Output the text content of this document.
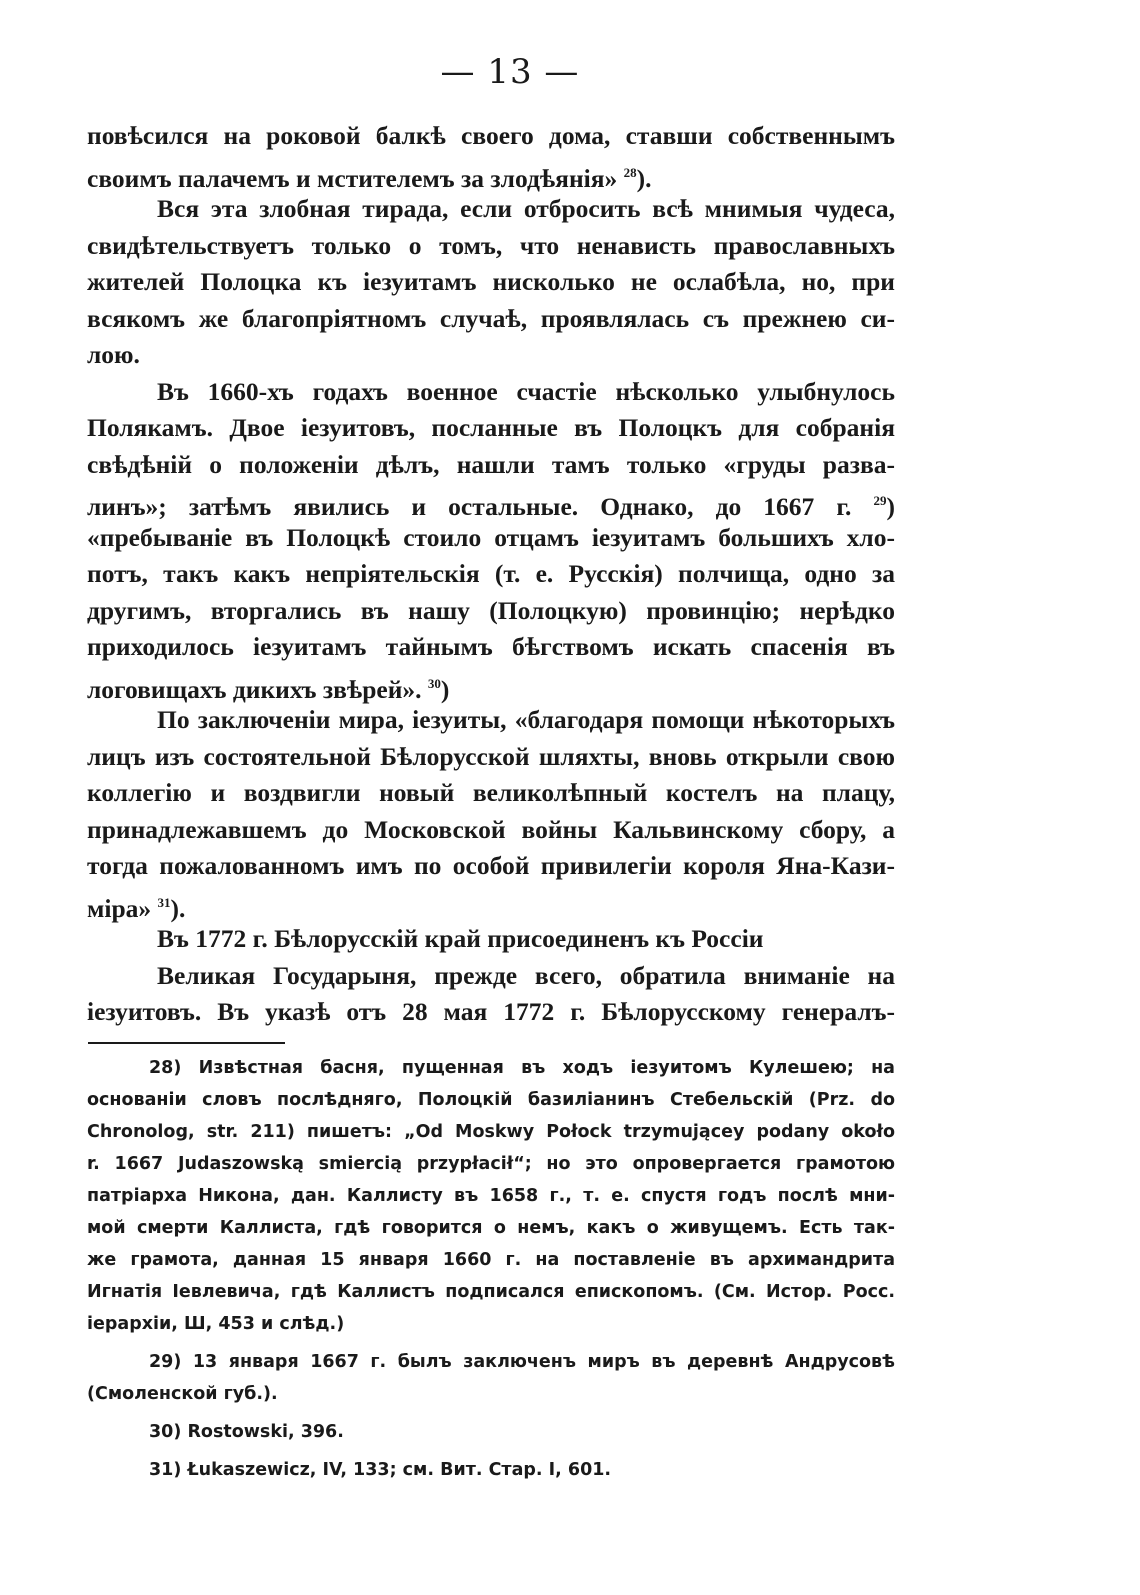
— 13 —
повѣсился на роковой балкѣ своего дома, ставши собственнымъ
своимъ палачемъ и мстителемъ за злодѣянія» $^{28}$).
Вся эта злобная тирада, если отбросить всѣ мнимыя чудеса,
свидѣтельствуетъ только о томъ, что ненависть православныхъ
жителей Полоцка къ іезуитамъ нисколько не ослабѣла, но, при
всякомъ же благопріятномъ случаѣ, проявлялась съ прежнею си-
лою.
Въ 1660-хъ годахъ военное счастіе нѣсколько улыбнулось
Полякамъ. Двое іезуитовъ, посланные въ Полоцкъ для собранія
свѣдѣній о положеніи дѣлъ, нашли тамъ только «груды разва-
линъ»; затѣмъ явились и остальные. Однако, до 1667 г. $^{29}$)
«пребываніе въ Полоцкѣ стоило отцамъ іезуитамъ большихъ хло-
потъ, такъ какъ непріятельскія (т. е. Русскія) полчища, одно за
другимъ, вторгались въ нашу (Полоцкую) провинцію; нерѣдко
приходилось іезуитамъ тайнымъ бѣгствомъ искать спасенія въ
логовищахъ дикихъ звѣрей». $^{30}$)
По заключеніи мира, іезуиты, «благодаря помощи нѣкоторыхъ
лицъ изъ состоятельной Бѣлорусской шляхты, вновь открыли свою
коллегію и воздвигли новый великолѣпный костелъ на плацу,
принадлежавшемъ до Московской войны Кальвинскому сбору, а
тогда пожалованномъ имъ по особой привилегіи короля Яна-Кази-
міра» $^{31}$).
Въ 1772 г. Бѣлорусскій край присоединенъ къ Россіи
Великая Государыня, прежде всего, обратила вниманіе на
іезуитовъ. Въ указѣ отъ 28 мая 1772 г. Бѣлорусскому генералъ-
28) Извѣстная басня, пущенная въ ходъ іезуитомъ Кулешею; на
основаніи словъ послѣдняго, Полоцкій базиліанинъ Стебельскій (Prz. do
Chronolog, str. 211) пишетъ: „Od Moskwy Połock trzymującey podany około
r. 1667 Judaszowską smiercią przypłacił“; но это опровергается грамотою
патріарха Никона, дан. Каллисту въ 1658 г., т. е. спустя годъ послѣ мни-
мой смерти Каллиста, гдѣ говорится о немъ, какъ о живущемъ. Есть так-
же грамота, данная 15 января 1660 г. на поставленіе въ архимандрита
Игнатія Іевлевича, гдѣ Каллистъ подписался епископомъ. (См. Истор. Росс.
іерархіи, Ш, 453 и слѣд.)
29) 13 января 1667 г. былъ заключенъ миръ въ деревнѣ Андрусовѣ
(Смоленской губ.).
30) Rostowski, 396.
31) Łukaszewicz, IV, 133; см. Вит. Стар. I, 601.
